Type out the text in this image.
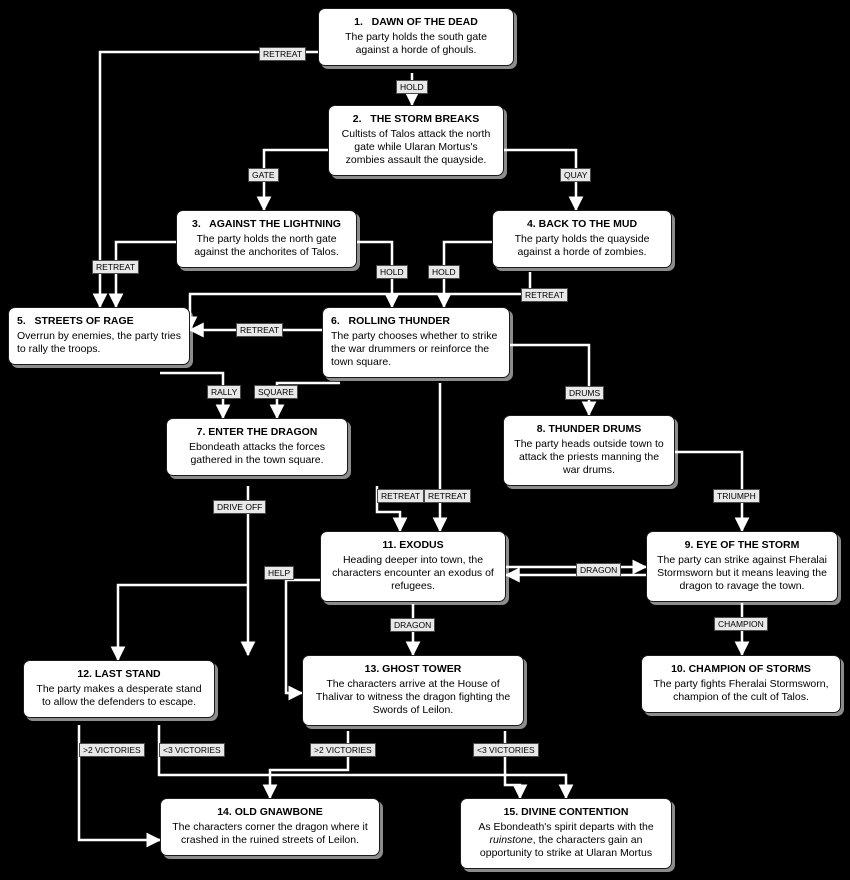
1.   DAWN OF THE DEAD
The party holds the south gate against a horde of ghouls.
2.   THE STORM BREAKS
Cultists of Talos attack the north gate while Ularan Mortus's zombies assault the quayside.
3.   AGAINST THE LIGHTNING
The party holds the north gate against the anchorites of Talos.
4. BACK TO THE MUD
The party holds the quayside against a horde of zombies.
5.   STREETS OF RAGE
Overrun by enemies, the party tries to rally the troops.
6.   ROLLING THUNDER
The party chooses whether to strike the war drummers or reinforce the town square.
7. ENTER THE DRAGON
Ebondeath attacks the forces gathered in the town square.
8. THUNDER DRUMS
The party heads outside town to attack the priests manning the war drums.
9. EYE OF THE STORM
The party can strike against Fheralai Stormsworn but it means leaving the dragon to ravage the town.
10. CHAMPION OF STORMS
The party fights Fheralai Stormsworn, champion of the cult of Talos.
11. EXODUS
Heading deeper into town, the characters encounter an exodus of refugees.
12. LAST STAND
The party makes a desperate stand to allow the defenders to escape.
13. GHOST TOWER
The characters arrive at the House of Thalivar to witness the dragon fighting the Swords of Leilon.
14. OLD GNAWBONE
The characters corner the dragon where it crashed in the ruined streets of Leilon.
15. DIVINE CONTENTION
As Ebondeath's spirit departs with the ruinstone, the characters gain an opportunity to strike at Ularan Mortus
RETREAT
HOLD
GATE	QUAY
RETREAT	HOLD	HOLD
RETREAT
RETREAT
RALLY	SQUARE	DRUMS
DRIVE OFF
RETREAT RETREAT	TRIUMPH
HELP	DRAGON
CHAMPION
DRAGON
>2 VICTORIES	<3 VICTORIES	>2 VICTORIES	<3 VICTORIES
